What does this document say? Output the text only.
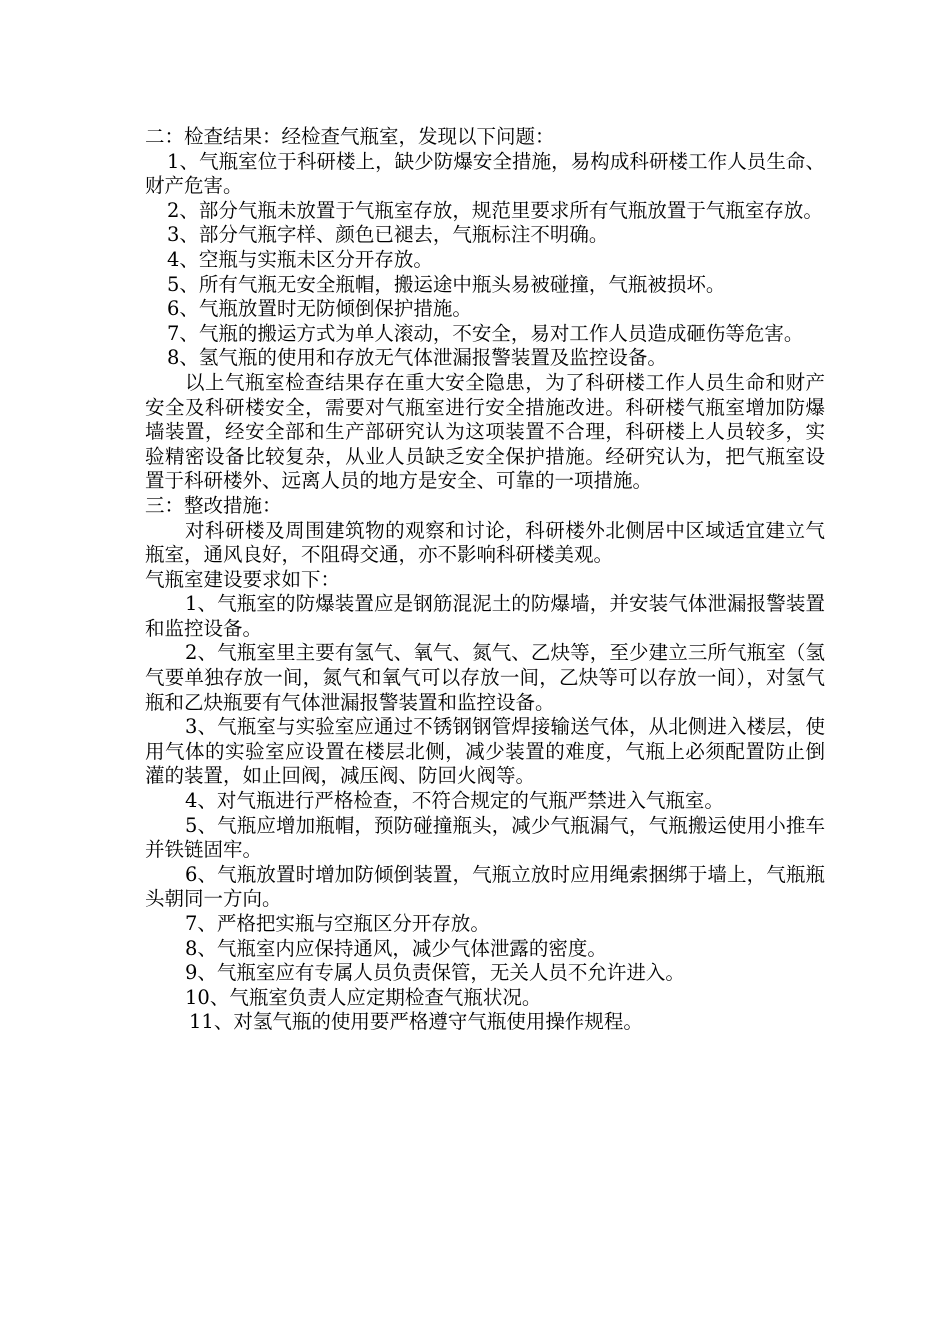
二：检查结果：经检查气瓶室，发现以下问题：

1、气瓶室位于科研楼上，缺少防爆安全措施，易构成科研楼工作人员生命、财产危害。

2、部分气瓶未放置于气瓶室存放，规范里要求所有气瓶放置于气瓶室存放。

3、部分气瓶字样、颜色已褪去，气瓶标注不明确。

4、空瓶与实瓶未区分开存放。

5、所有气瓶无安全瓶帽，搬运途中瓶头易被碰撞，气瓶被损坏。

6、气瓶放置时无防倾倒保护措施。

7、气瓶的搬运方式为单人滚动，不安全，易对工作人员造成砸伤等危害。

8、氢气瓶的使用和存放无气体泄漏报警装置及监控设备。

以上气瓶室检查结果存在重大安全隐患，为了科研楼工作人员生命和财产安全及科研楼安全，需要对气瓶室进行安全措施改进。科研楼气瓶室增加防爆墙装置，经安全部和生产部研究认为这项装置不合理，科研楼上人员较多，实验精密设备比较复杂，从业人员缺乏安全保护措施。经研究认为，把气瓶室设置于科研楼外、远离人员的地方是安全、可靠的一项措施。

三：整改措施：

对科研楼及周围建筑物的观察和讨论，科研楼外北侧居中区域适宜建立气瓶室，通风良好，不阻碍交通，亦不影响科研楼美观。

气瓶室建设要求如下：

1、气瓶室的防爆装置应是钢筋混泥土的防爆墙，并安装气体泄漏报警装置和监控设备。

2、气瓶室里主要有氢气、氧气、氮气、乙炔等，至少建立三所气瓶室（氢气要单独存放一间，氮气和氧气可以存放一间，乙炔等可以存放一间），对氢气瓶和乙炔瓶要有气体泄漏报警装置和监控设备。

3、气瓶室与实验室应通过不锈钢钢管焊接输送气体，从北侧进入楼层，使用气体的实验室应设置在楼层北侧，减少装置的难度，气瓶上必须配置防止倒灌的装置，如止回阀，减压阀、防回火阀等。

4、对气瓶进行严格检查，不符合规定的气瓶严禁进入气瓶室。

5、气瓶应增加瓶帽，预防碰撞瓶头，减少气瓶漏气，气瓶搬运使用小推车并铁链固牢。

6、气瓶放置时增加防倾倒装置，气瓶立放时应用绳索捆绑于墙上，气瓶瓶头朝同一方向。

7、严格把实瓶与空瓶区分开存放。

8、气瓶室内应保持通风，减少气体泄露的密度。

9、气瓶室应有专属人员负责保管，无关人员不允许进入。

10、气瓶室负责人应定期检查气瓶状况。

11、对氢气瓶的使用要严格遵守气瓶使用操作规程。
